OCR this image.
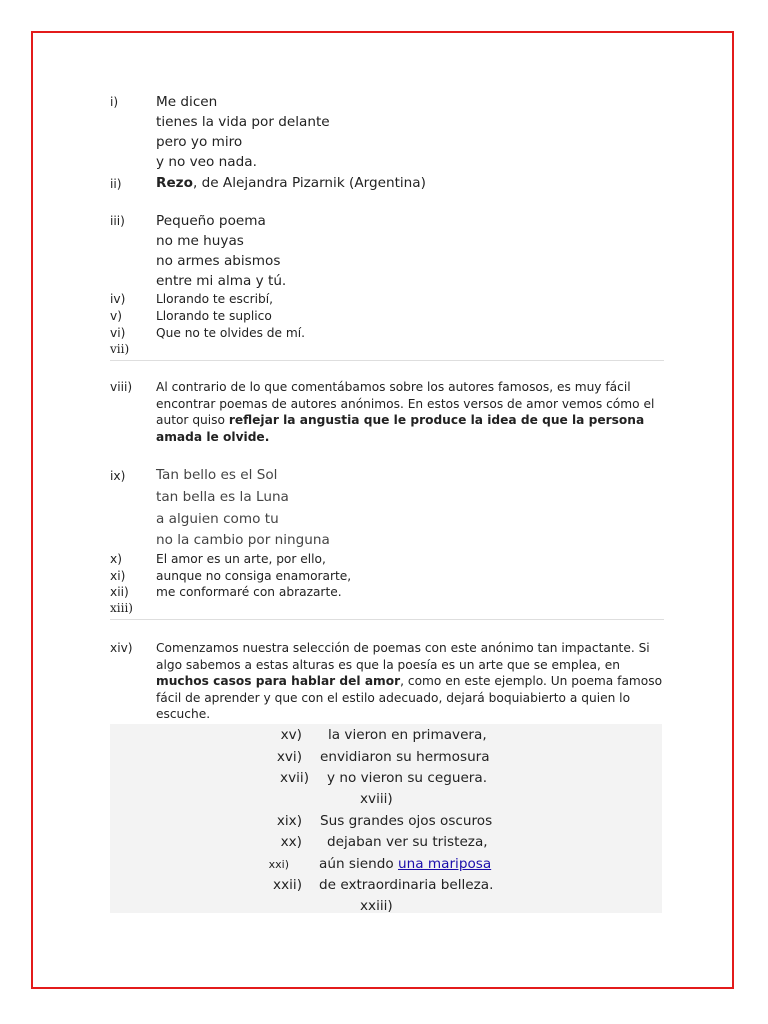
i)	Me dicen
tienes la vida por delante
pero yo miro
y no veo nada.
ii)	Rezo, de Alejandra Pizarnik (Argentina)
iii) Pequeño poema
no me huyas
no armes abismos
entre mi alma y tú.
iv)	Llorando te escribí,
v)	Llorando te suplico
vi)	Que no te olvides de mí.
vii)
viii) Al contrario de lo que comentábamos sobre los autores famosos, es muy fácil encontrar poemas de autores anónimos. En estos versos de amor vemos cómo el autor quiso reflejar la angustia que le produce la idea de que la persona amada le olvide.
ix) Tan bello es el Sol
tan bella es la Luna
a alguien como tu
no la cambio por ninguna
x)	El amor es un arte, por ello,
xi)	aunque no consiga enamorarte,
xii) me conformaré con abrazarte.
xiii)
xiv) Comenzamos nuestra selección de poemas con este anónimo tan impactante. Si algo sabemos a estas alturas es que la poesía es un arte que se emplea, en muchos casos para hablar del amor, como en este ejemplo. Un poema famoso fácil de aprender y que con el estilo adecuado, dejará boquiabierto a quien lo escuche.
xv) la vieron en primavera,
xvi) envidiaron su hermosura
xvii) y no vieron su ceguera.
xviii)
xix) Sus grandes ojos oscuros
xx) dejaban ver su tristeza,
xxi) aún siendo una mariposa
xxii) de extraordinaria belleza.
xxiii)
